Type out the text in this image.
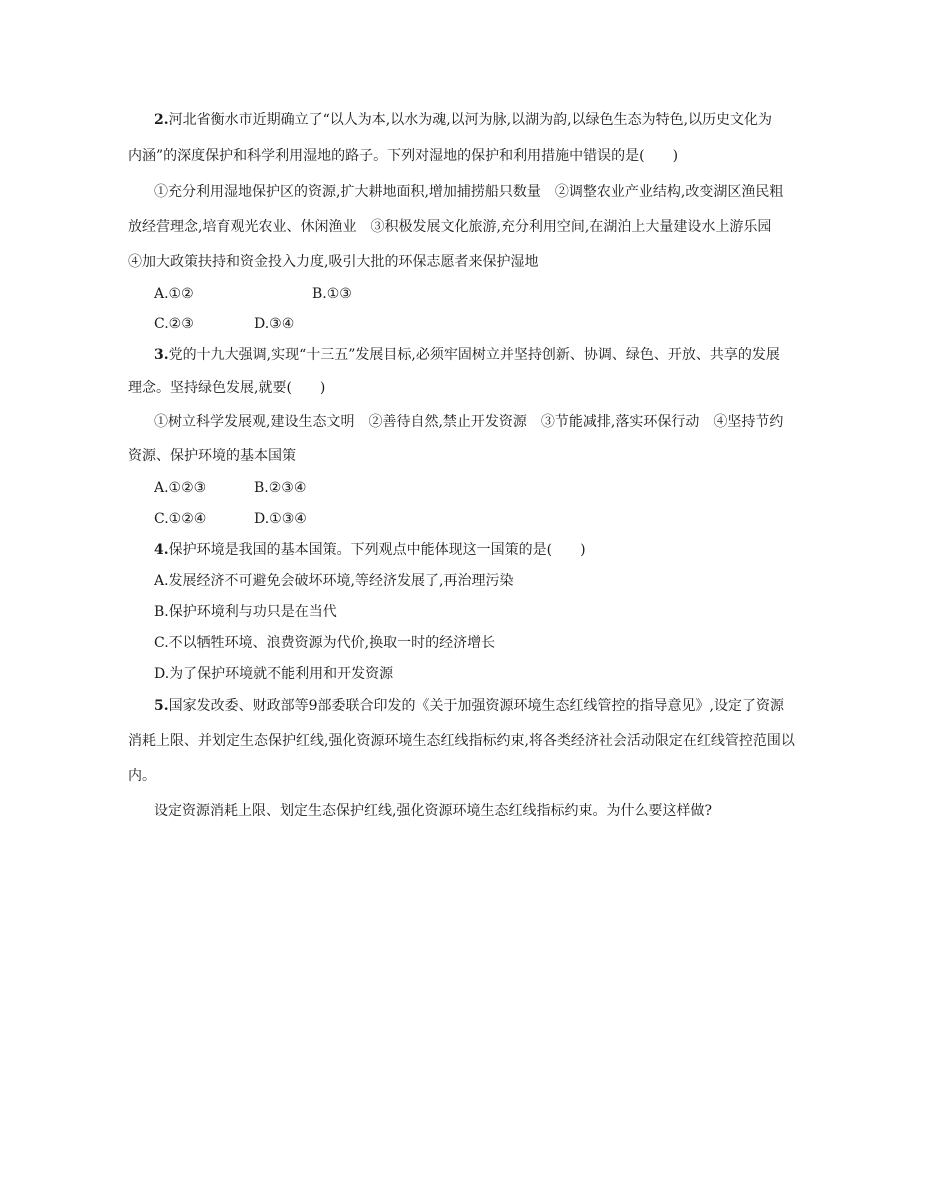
2.河北省衡水市近期确立了“以人为本,以水为魂,以河为脉,以湖为韵,以绿色生态为特色,以历史文化为
内涵”的深度保护和科学利用湿地的路子。下列对湿地的保护和利用措施中错误的是(　　)
①充分利用湿地保护区的资源,扩大耕地面积,增加捕捞船只数量　②调整农业产业结构,改变湖区渔民粗
放经营理念,培育观光农业、休闲渔业　③积极发展文化旅游,充分利用空间,在湖泊上大量建设水上游乐园
④加大政策扶持和资金投入力度,吸引大批的环保志愿者来保护湿地
A.①②	B.①③
C.②③	D.③④
3.党的十九大强调,实现“十三五”发展目标,必须牢固树立并坚持创新、协调、绿色、开放、共享的发展
理念。坚持绿色发展,就要(　　)
①树立科学发展观,建设生态文明　②善待自然,禁止开发资源　③节能减排,落实环保行动　④坚持节约
资源、保护环境的基本国策
A.①②③	B.②③④
C.①②④	D.①③④
4.保护环境是我国的基本国策。下列观点中能体现这一国策的是(　　)
A.发展经济不可避免会破坏环境,等经济发展了,再治理污染
B.保护环境利与功只是在当代
C.不以牺牲环境、浪费资源为代价,换取一时的经济增长
D.为了保护环境就不能利用和开发资源
5.国家发改委、财政部等9部委联合印发的《关于加强资源环境生态红线管控的指导意见》,设定了资源
消耗上限、并划定生态保护红线,强化资源环境生态红线指标约束,将各类经济社会活动限定在红线管控范围以
内。
设定资源消耗上限、划定生态保护红线,强化资源环境生态红线指标约束。为什么要这样做?
